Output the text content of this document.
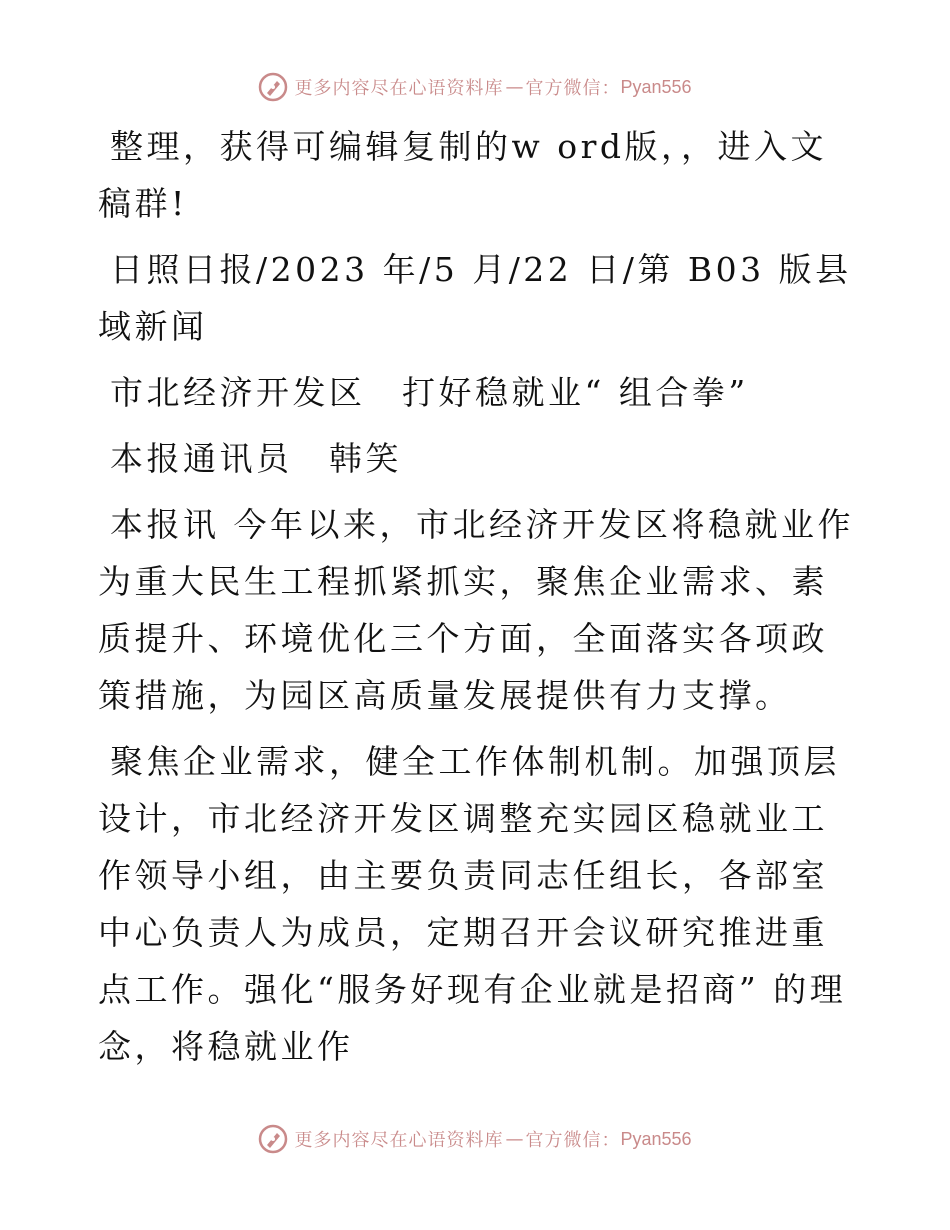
更多内容尽在心语资料库 — 官方微信： Pyan556

整理，获得可编辑复制的w ord版，，进入文稿群!

日照日报/2023 年/5 月/22 日/第 B03 版县域新闻

市北经济开发区　打好稳就业“ 组合拳”

本报通讯员　韩笑

本报讯 今年以来，市北经济开发区将稳就业作为重大民生工程抓紧抓实，聚焦企业需求、素质提升、环境优化三个方面，全面落实各项政策措施，为园区高质量发展提供有力支撑。

聚焦企业需求，健全工作体制机制。加强顶层设计，市北经济开发区调整充实园区稳就业工作领导小组，由主要负责同志任组长，各部室中心负责人为成员，定期召开会议研究推进重点工作。强化“服务好现有企业就是招商” 的理念，将稳就业作

更多内容尽在心语资料库 — 官方微信： Pyan556
